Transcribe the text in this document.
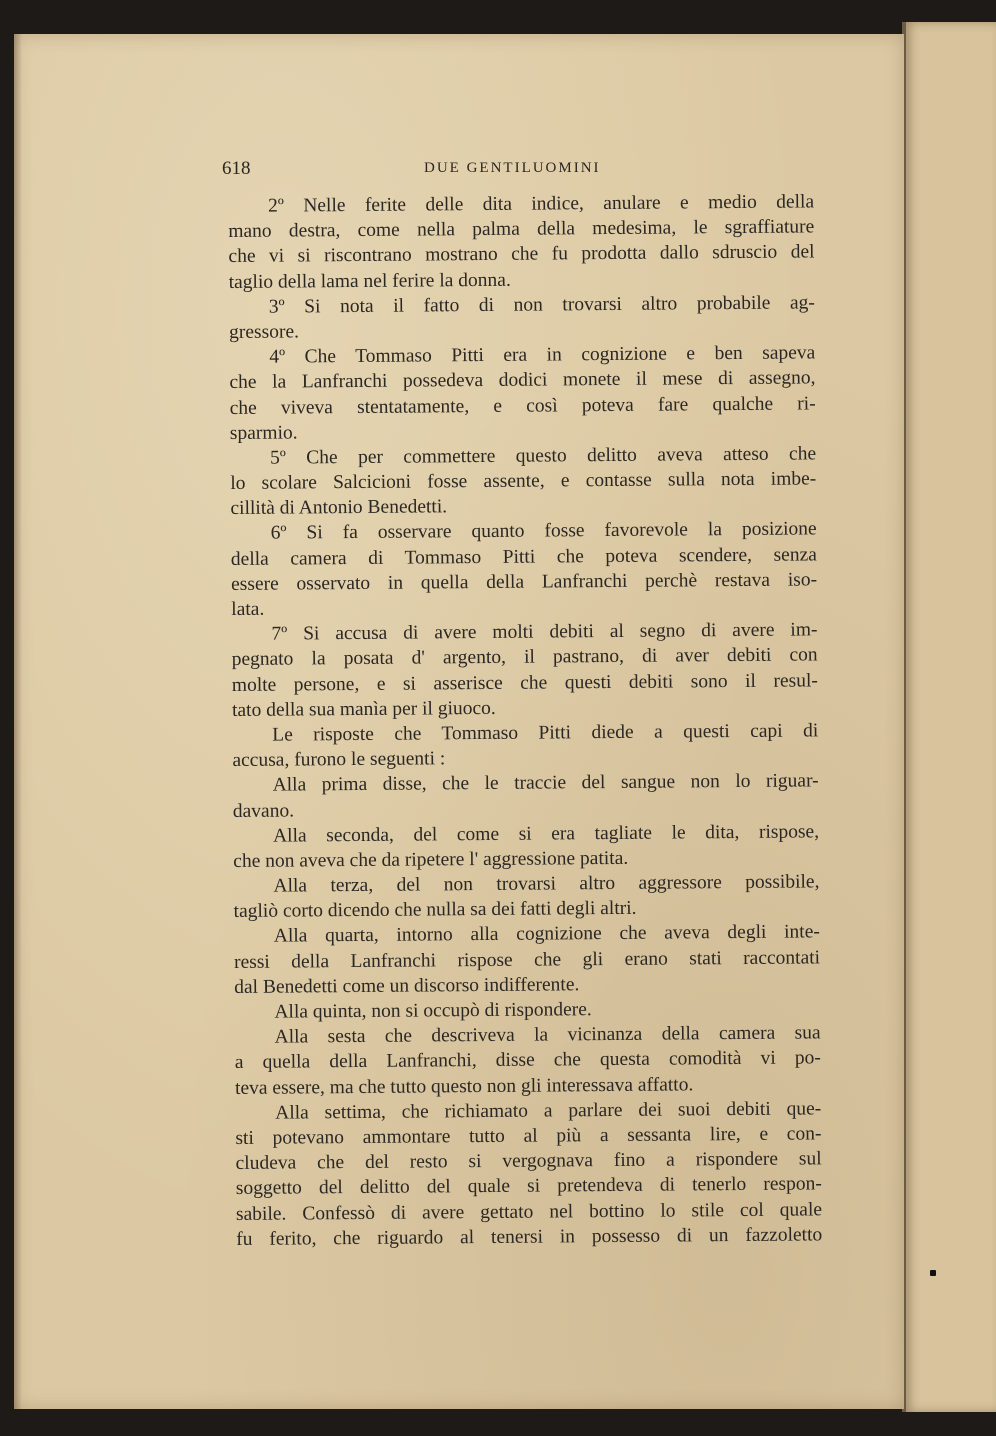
618	DUE GENTILUOMINI
2º Nelle ferite delle dita indice, anulare e medio della
mano destra, come nella palma della medesima, le sgraffiature
che vi si riscontrano mostrano che fu prodotta dallo sdruscio del
taglio della lama nel ferire la donna.
3º Si nota il fatto di non trovarsi altro probabile ag-
gressore.
4º Che Tommaso Pitti era in cognizione e ben sapeva
che la Lanfranchi possedeva dodici monete il mese di assegno,
che viveva stentatamente, e così poteva fare qualche ri-
sparmio.
5º Che per commettere questo delitto aveva atteso che
lo scolare Salcicioni fosse assente, e contasse sulla nota imbe-
cillità di Antonio Benedetti.
6º Si fa osservare quanto fosse favorevole la posizione
della camera di Tommaso Pitti che poteva scendere, senza
essere osservato in quella della Lanfranchi perchè restava iso-
lata.
7º Si accusa di avere molti debiti al segno di avere im-
pegnato la posata d' argento, il pastrano, di aver debiti con
molte persone, e si asserisce che questi debiti sono il resul-
tato della sua manìa per il giuoco.
Le risposte che Tommaso Pitti diede a questi capi di
accusa, furono le seguenti :
Alla prima disse, che le traccie del sangue non lo riguar-
davano.
Alla seconda, del come si era tagliate le dita, rispose,
che non aveva che da ripetere l' aggressione patita.
Alla terza, del non trovarsi altro aggressore possibile,
tagliò corto dicendo che nulla sa dei fatti degli altri.
Alla quarta, intorno alla cognizione che aveva degli inte-
ressi della Lanfranchi rispose che gli erano stati raccontati
dal Benedetti come un discorso indifferente.
Alla quinta, non si occupò di rispondere.
Alla sesta che descriveva la vicinanza della camera sua
a quella della Lanfranchi, disse che questa comodità vi po-
teva essere, ma che tutto questo non gli interessava affatto.
Alla settima, che richiamato a parlare dei suoi debiti que-
sti potevano ammontare tutto al più a sessanta lire, e con-
cludeva che del resto si vergognava fino a rispondere sul
soggetto del delitto del quale si pretendeva di tenerlo respon-
sabile. Confessò di avere gettato nel bottino lo stile col quale
fu ferito, che riguardo al tenersi in possesso di un fazzoletto
